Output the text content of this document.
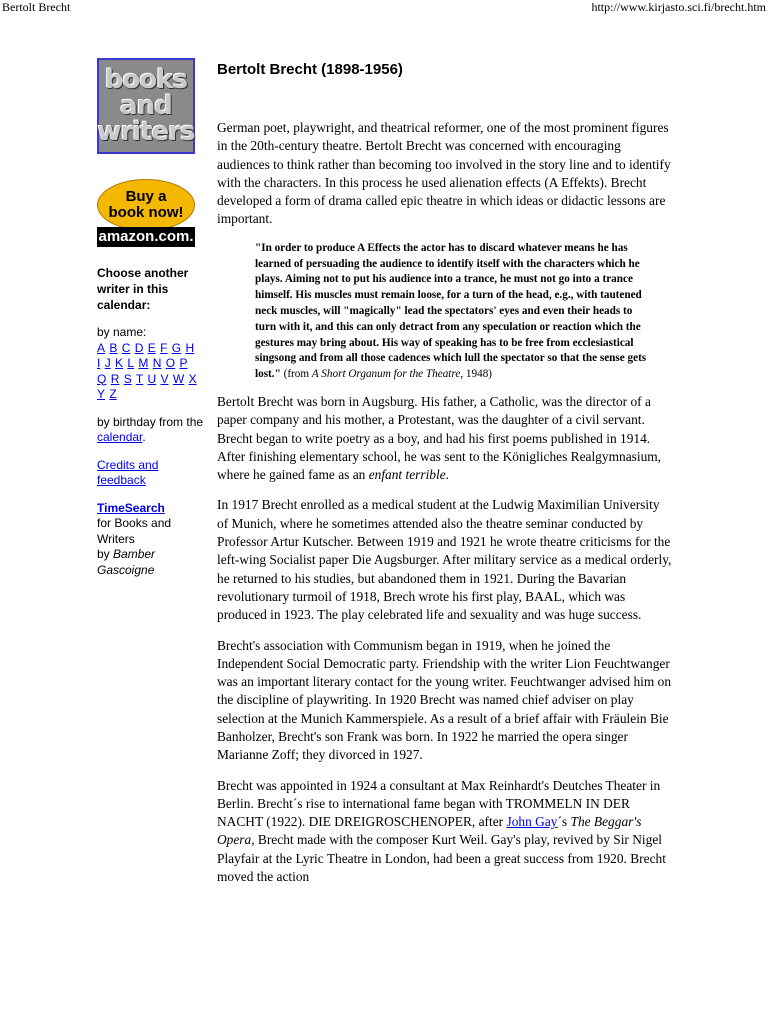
Bertolt Brecht	http://www.kirjasto.sci.fi/brecht.htm
books
and
writers
Buy a
book now!
amazon.com.
Choose another writer in this calendar:
by name:
A B C D E F G H
I J K L M N O P
Q R S T U V W X
Y Z
by birthday from the calendar.
Credits and feedback
TimeSearch
for Books and Writers
by Bamber Gascoigne
Bertolt Brecht (1898-1956)
German poet, playwright, and theatrical reformer, one of the most prominent figures in the 20th-century theatre. Bertolt Brecht was concerned with encouraging audiences to think rather than becoming too involved in the story line and to identify with the characters. In this process he used alienation effects (A Effekts). Brecht developed a form of drama called epic theatre in which ideas or didactic lessons are important.
"In order to produce A Effects the actor has to discard whatever means he has learned of persuading the audience to identify itself with the characters which he plays. Aiming not to put his audience into a trance, he must not go into a trance himself. His muscles must remain loose, for a turn of the head, e.g., with tautened neck muscles, will "magically" lead the spectators' eyes and even their heads to turn with it, and this can only detract from any speculation or reaction which the gestures may bring about. His way of speaking has to be free from ecclesiastical singsong and from all those cadences which lull the spectator so that the sense gets lost." (from A Short Organum for the Theatre, 1948)
Bertolt Brecht was born in Augsburg. His father, a Catholic, was the director of a paper company and his mother, a Protestant, was the daughter of a civil servant. Brecht began to write poetry as a boy, and had his first poems published in 1914. After finishing elementary school, he was sent to the Königliches Realgymnasium, where he gained fame as an enfant terrible.
In 1917 Brecht enrolled as a medical student at the Ludwig Maximilian University of Munich, where he sometimes attended also the theatre seminar conducted by Professor Artur Kutscher. Between 1919 and 1921 he wrote theatre criticisms for the left-wing Socialist paper Die Augsburger. After military service as a medical orderly, he returned to his studies, but abandoned them in 1921. During the Bavarian revolutionary turmoil of 1918, Brech wrote his first play, BAAL, which was produced in 1923. The play celebrated life and sexuality and was huge success.
Brecht's association with Communism began in 1919, when he joined the Independent Social Democratic party. Friendship with the writer Lion Feuchtwanger was an important literary contact for the young writer. Feuchtwanger advised him on the discipline of playwriting. In 1920 Brecht was named chief adviser on play selection at the Munich Kammerspiele. As a result of a brief affair with Fräulein Bie Banholzer, Brecht's son Frank was born. In 1922 he married the opera singer Marianne Zoff; they divorced in 1927.
Brecht was appointed in 1924 a consultant at Max Reinhardt's Deutches Theater in Berlin. Brecht´s rise to international fame began with TROMMELN IN DER NACHT (1922). DIE DREIGROSCHENOPER, after John Gay´s The Beggar's Opera, Brecht made with the composer Kurt Weil. Gay's play, revived by Sir Nigel Playfair at the Lyric Theatre in London, had been a great success from 1920. Brecht moved the action
